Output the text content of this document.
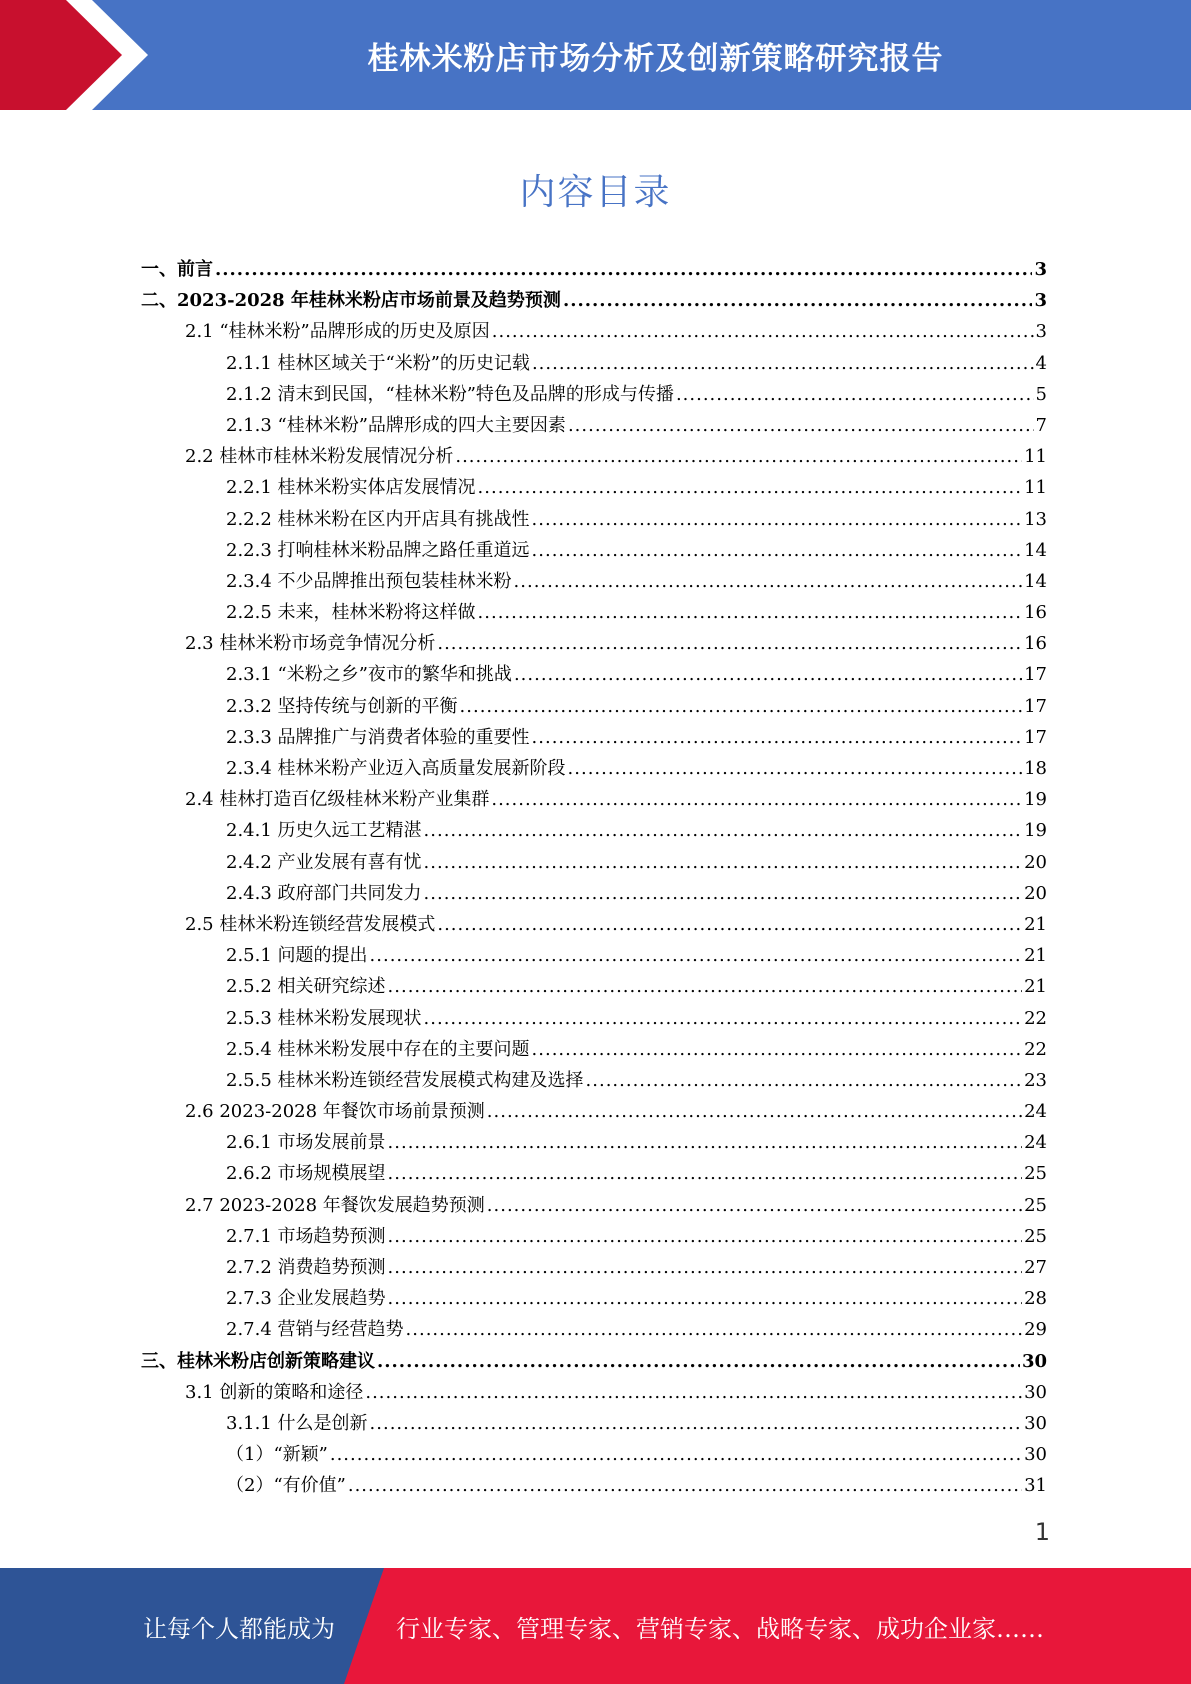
桂林米粉店市场分析及创新策略研究报告
内容目录
一、前言 .....	3
二、2023-2028 年桂林米粉店市场前景及趋势预测 .....	3
2.1 “桂林米粉”品牌形成的历史及原因 .....	3
2.1.1 桂林区域关于“米粉”的历史记载 .....	4
2.1.2 清末到民国，“桂林米粉”特色及品牌的形成与传播 .....	5
2.1.3 “桂林米粉”品牌形成的四大主要因素 .....	7
2.2 桂林市桂林米粉发展情况分析 .....	11
2.2.1 桂林米粉实体店发展情况 .....	11
2.2.2 桂林米粉在区内开店具有挑战性 .....	13
2.2.3 打响桂林米粉品牌之路任重道远 .....	14
2.3.4 不少品牌推出预包装桂林米粉 .....	14
2.2.5 未来，桂林米粉将这样做 .....	16
2.3 桂林米粉市场竞争情况分析 .....	16
2.3.1 “米粉之乡”夜市的繁华和挑战 .....	17
2.3.2 坚持传统与创新的平衡 .....	17
2.3.3 品牌推广与消费者体验的重要性 .....	17
2.3.4 桂林米粉产业迈入高质量发展新阶段 .....	18
2.4 桂林打造百亿级桂林米粉产业集群 .....	19
2.4.1 历史久远工艺精湛 .....	19
2.4.2 产业发展有喜有忧 .....	20
2.4.3 政府部门共同发力 .....	20
2.5 桂林米粉连锁经营发展模式 .....	21
2.5.1 问题的提出 .....	21
2.5.2 相关研究综述 .....	21
2.5.3 桂林米粉发展现状 .....	22
2.5.4 桂林米粉发展中存在的主要问题 .....	22
2.5.5 桂林米粉连锁经营发展模式构建及选择 .....	23
2.6 2023-2028 年餐饮市场前景预测 .....	24
2.6.1 市场发展前景 .....	24
2.6.2 市场规模展望 .....	25
2.7 2023-2028 年餐饮发展趋势预测 .....	25
2.7.1 市场趋势预测 .....	25
2.7.2 消费趋势预测 .....	27
2.7.3 企业发展趋势 .....	28
2.7.4 营销与经营趋势 .....	29
三、桂林米粉店创新策略建议 .....	30
3.1 创新的策略和途径 .....	30
3.1.1 什么是创新 .....	30
（1）“新颖” .....	30
（2）“有价值” .....	31
1
让每个人都能成为	行业专家、管理专家、营销专家、战略专家、成功企业家……
